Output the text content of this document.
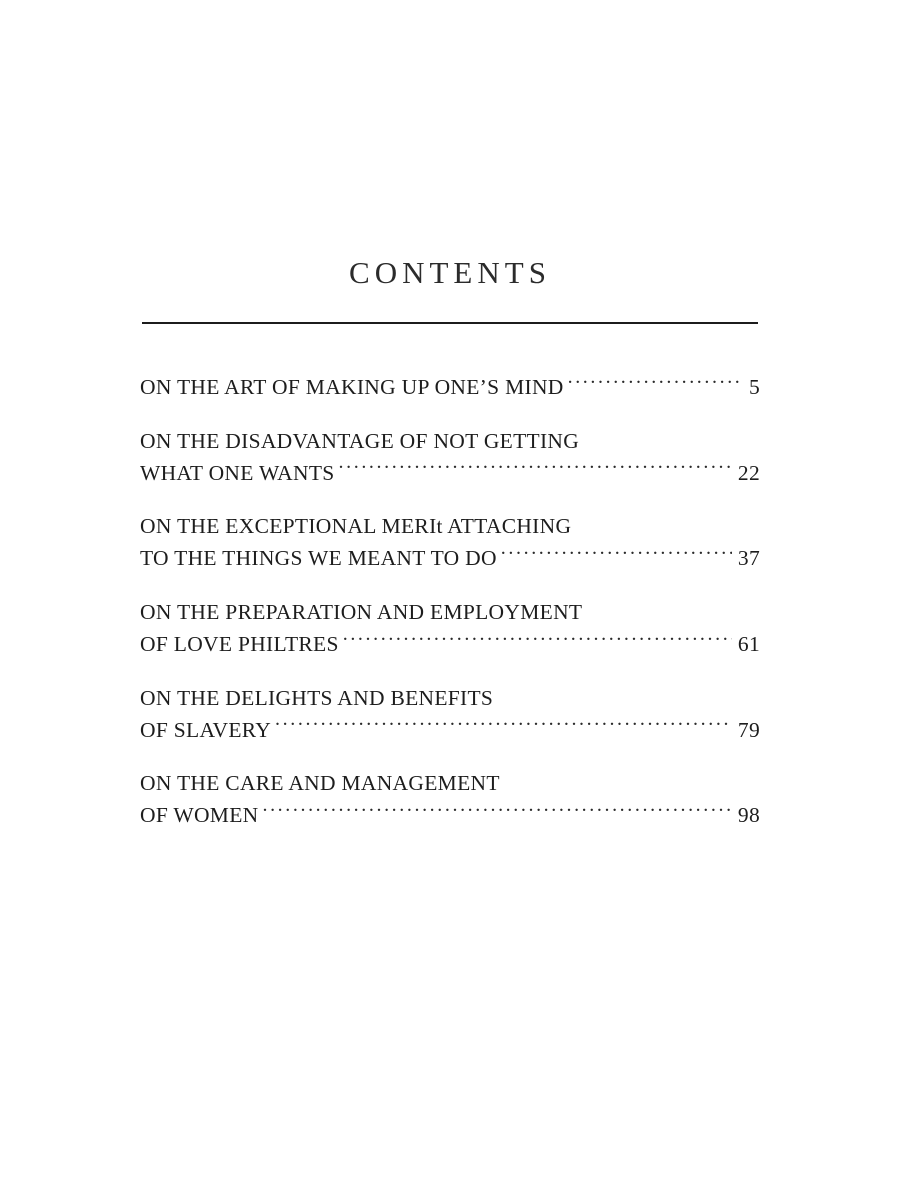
CONTENTS
ON THE ART OF MAKING UP ONE’S MIND .....	5
ON THE DISADVANTAGE OF NOT GETTING
WHAT ONE WANTS .....	22
ON THE EXCEPTIONAL MERIt ATTACHING
TO THE THINGS WE MEANT TO DO .....	37
ON THE PREPARATION AND EMPLOYMENT
OF LOVE PHILTRES .....	61
ON THE DELIGHTS AND BENEFITS
OF SLAVERY .....	79
ON THE CARE AND MANAGEMENT
OF WOMEN .....	98
